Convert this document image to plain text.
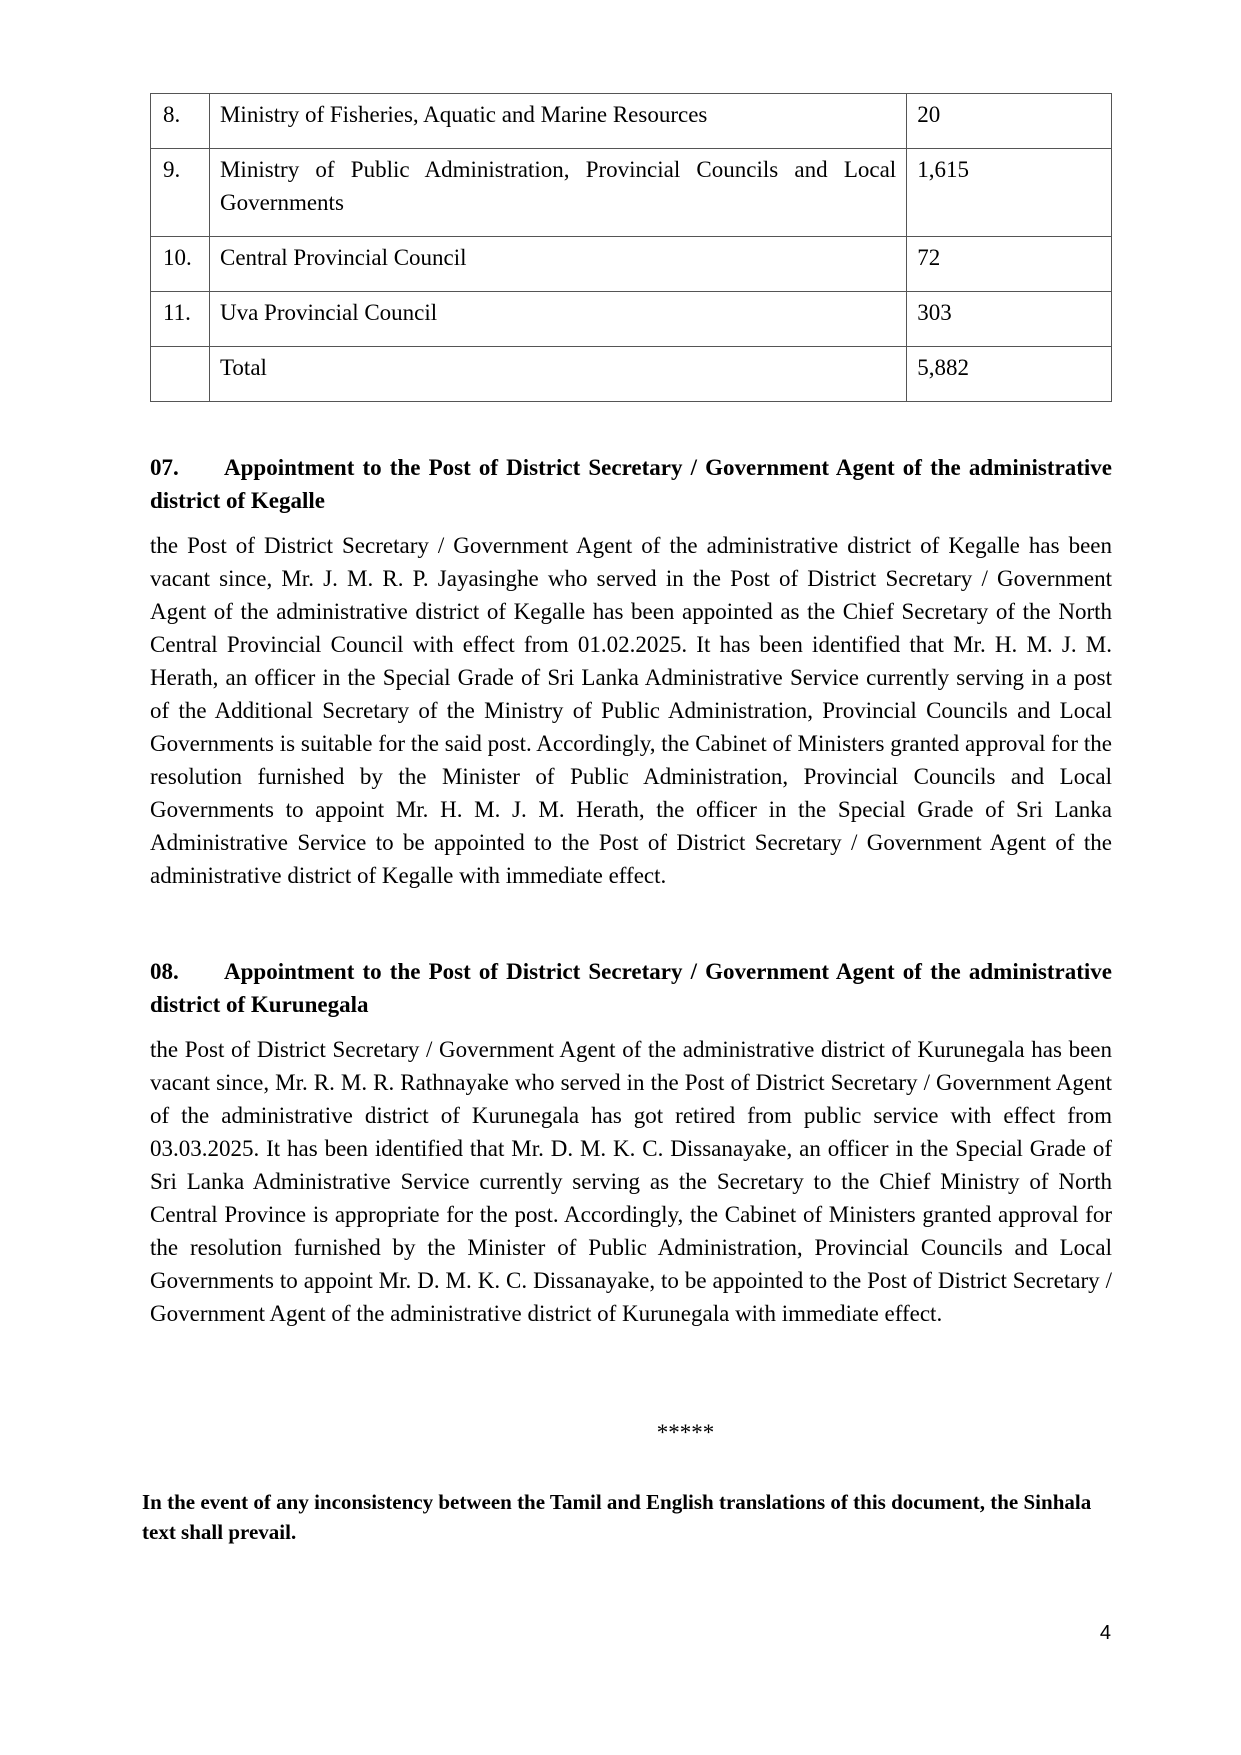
8.	Ministry of Fisheries, Aquatic and Marine Resources	20
9.	Ministry of Public Administration, Provincial Councils and Local Governments	1,615
10.	Central Provincial Council	72
11.	Uva Provincial Council	303
	Total	5,882

07. Appointment to the Post of District Secretary / Government Agent of the administrative district of Kegalle

the Post of District Secretary / Government Agent of the administrative district of Kegalle has been vacant since, Mr. J. M. R. P. Jayasinghe who served in the Post of District Secretary / Government Agent of the administrative district of Kegalle has been appointed as the Chief Secretary of the North Central Provincial Council with effect from 01.02.2025. It has been identified that Mr. H. M. J. M. Herath, an officer in the Special Grade of Sri Lanka Administrative Service currently serving in a post of the Additional Secretary of the Ministry of Public Administration, Provincial Councils and Local Governments is suitable for the said post. Accordingly, the Cabinet of Ministers granted approval for the resolution furnished by the Minister of Public Administration, Provincial Councils and Local Governments to appoint Mr. H. M. J. M. Herath, the officer in the Special Grade of Sri Lanka Administrative Service to be appointed to the Post of District Secretary / Government Agent of the administrative district of Kegalle with immediate effect.

08. Appointment to the Post of District Secretary / Government Agent of the administrative district of Kurunegala

the Post of District Secretary / Government Agent of the administrative district of Kurunegala has been vacant since, Mr. R. M. R. Rathnayake who served in the Post of District Secretary / Government Agent of the administrative district of Kurunegala has got retired from public service with effect from 03.03.2025. It has been identified that Mr. D. M. K. C. Dissanayake, an officer in the Special Grade of Sri Lanka Administrative Service currently serving as the Secretary to the Chief Ministry of North Central Province is appropriate for the post. Accordingly, the Cabinet of Ministers granted approval for the resolution furnished by the Minister of Public Administration, Provincial Councils and Local Governments to appoint Mr. D. M. K. C. Dissanayake, to be appointed to the Post of District Secretary / Government Agent of the administrative district of Kurunegala with immediate effect.

*****

In the event of any inconsistency between the Tamil and English translations of this document, the Sinhala text shall prevail.

4
